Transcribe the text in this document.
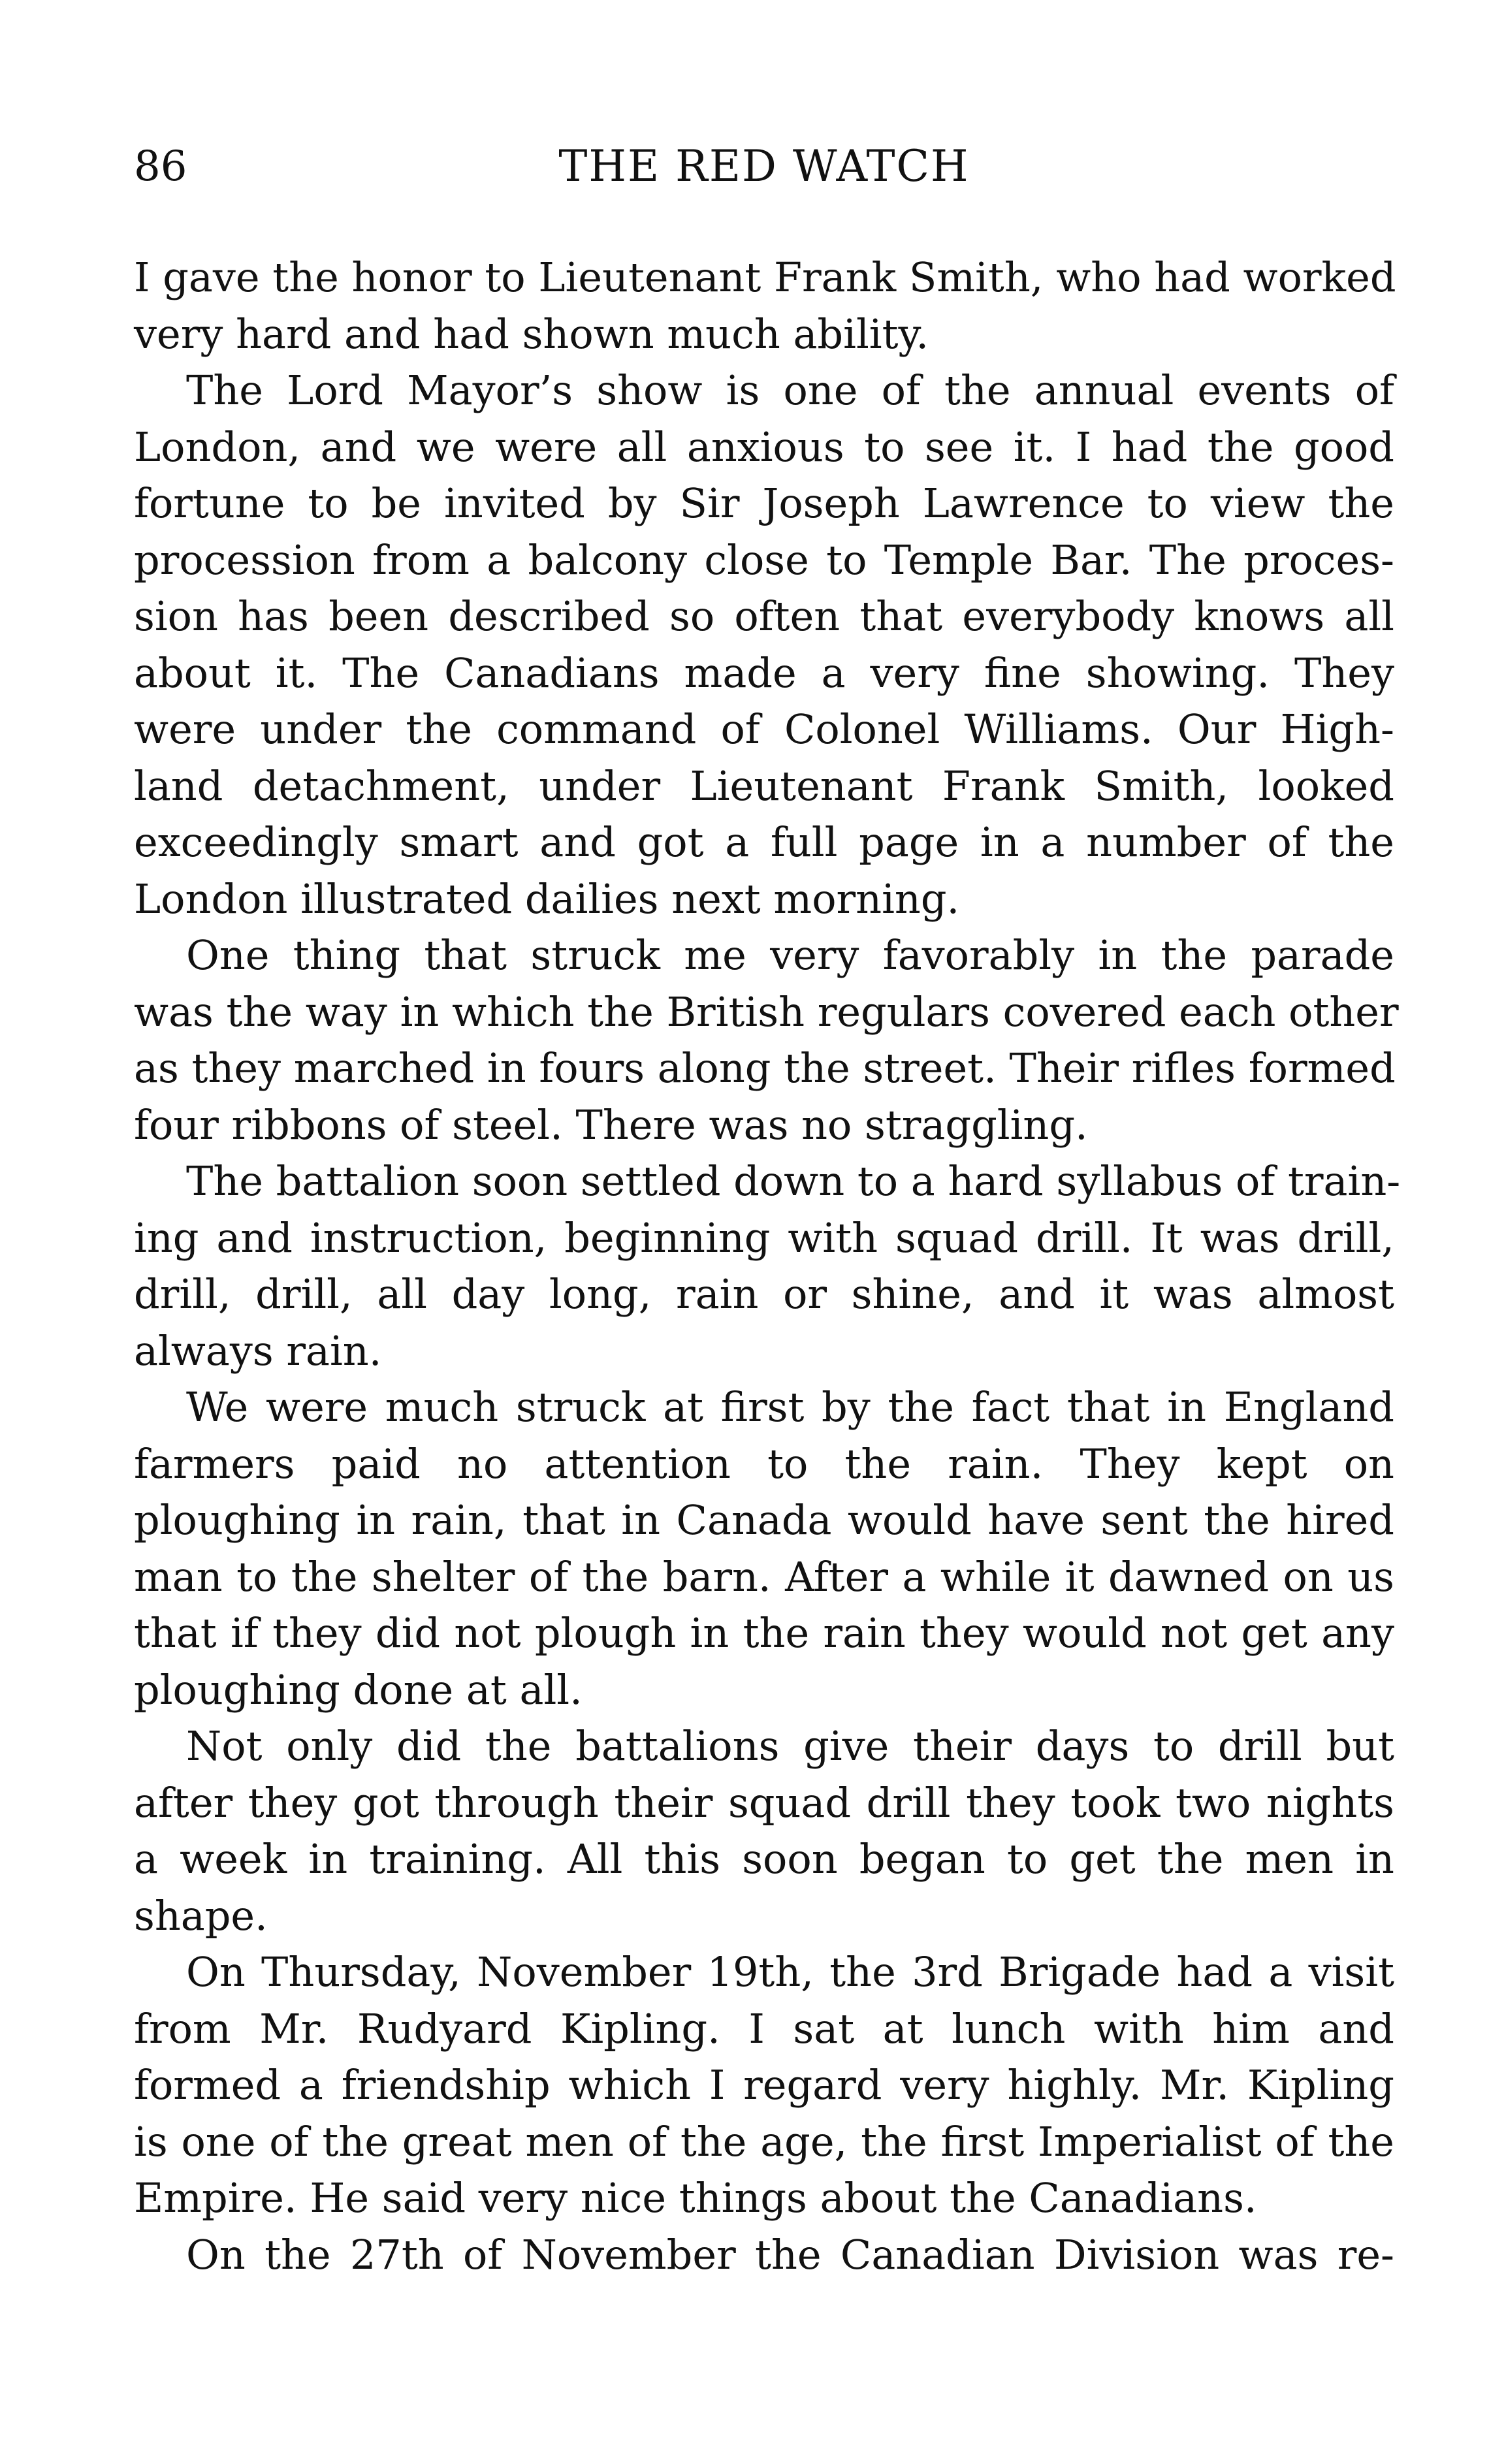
86	THE RED WATCH
I gave the honor to Lieutenant Frank Smith, who had worked
very hard and had shown much ability.
The Lord Mayor’s show is one of the annual events of
London, and we were all anxious to see it. I had the good
fortune to be invited by Sir Joseph Lawrence to view the
procession from a balcony close to Temple Bar. The proces-
sion has been described so often that everybody knows all
about it. The Canadians made a very fine showing. They
were under the command of Colonel Williams. Our High-
land detachment, under Lieutenant Frank Smith, looked
exceedingly smart and got a full page in a number of the
London illustrated dailies next morning.
One thing that struck me very favorably in the parade
was the way in which the British regulars covered each other
as they marched in fours along the street. Their rifles formed
four ribbons of steel. There was no straggling.
The battalion soon settled down to a hard syllabus of train-
ing and instruction, beginning with squad drill. It was drill,
drill, drill, all day long, rain or shine, and it was almost
always rain.
We were much struck at first by the fact that in England
farmers paid no attention to the rain. They kept on
ploughing in rain, that in Canada would have sent the hired
man to the shelter of the barn. After a while it dawned on us
that if they did not plough in the rain they would not get any
ploughing done at all.
Not only did the battalions give their days to drill but
after they got through their squad drill they took two nights
a week in training. All this soon began to get the men in
shape.
On Thursday, November 19th, the 3rd Brigade had a visit
from Mr. Rudyard Kipling. I sat at lunch with him and
formed a friendship which I regard very highly. Mr. Kipling
is one of the great men of the age, the first Imperialist of the
Empire. He said very nice things about the Canadians.
On the 27th of November the Canadian Division was re-
